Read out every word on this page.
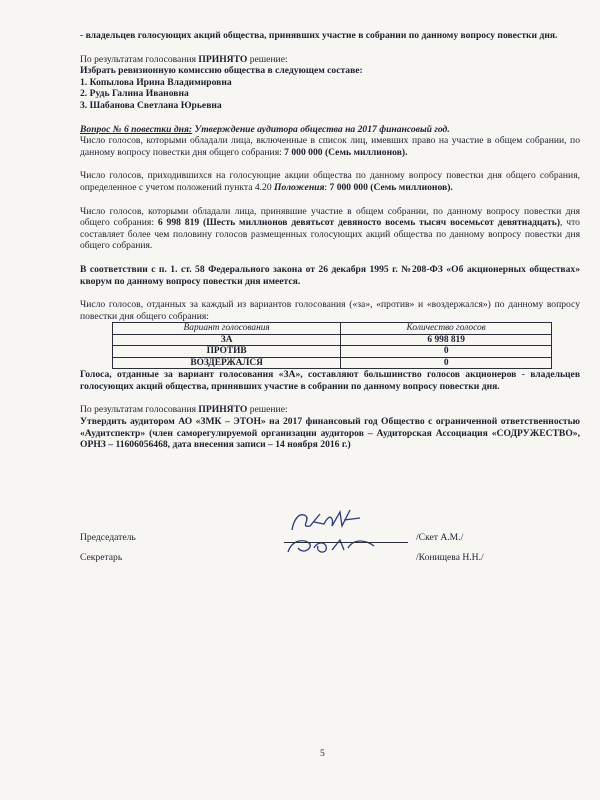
- владельцев голосующих акций общества, принявших участие в собрании по данному вопросу повестки дня.

По результатам голосования ПРИНЯТО решение:

Избрать ревизионную комиссию общества в следующем составе:

1. Копылова Ирина Владимировна
2. Рудь Галина Ивановна
3. Шабанова Светлана Юрьевна

Вопрос № 6 повестки дня: Утверждение аудитора общества на 2017 финансовый год.

Число голосов, которыми обладали лица, включенные в список лиц, имевших право на участие в общем собрании, по данному вопросу повестки дня общего собрания: 7 000 000 (Семь миллионов).

Число голосов, приходившихся на голосующие акции общества по данному вопросу повестки дня общего собрания, определенное с учетом положений пункта 4.20 Положения: 7 000 000 (Семь миллионов).

Число голосов, которыми обладали лица, принявшие участие в общем собрании, по данному вопросу повестки дня общего собрания: 6 998 819 (Шесть миллионов девятьсот девяносто восемь тысяч восемьсот девятнадцать), что составляет более чем половину голосов размещенных голосующих акций общества по данному вопросу повестки дня общего собрания.

В соответствии с п. 1. ст. 58 Федерального закона от 26 декабря 1995 г. №208-ФЗ «Об акционерных обществах» кворум по данному вопросу повестки дня имеется.

Число голосов, отданных за каждый из вариантов голосования («за», «против» и «воздержался») по данному вопросу повестки дня общего собрания:

Вариант голосования	Количество голосов
ЗА	6 998 819
ПРОТИВ	0
ВОЗДЕРЖАЛСЯ	0

Голоса, отданные за вариант голосования «ЗА», составляют большинство голосов акционеров - владельцев голосующих акций общества, принявших участие в собрании по данному вопросу повестки дня.

По результатам голосования ПРИНЯТО решение:

Утвердить аудитором АО «ЗМК – ЭТОН» на 2017 финансовый год Общество с ограниченной ответственностью «Аудитспектр» (член саморегулируемой организации аудиторов – Аудиторская Ассоциация «СОДРУЖЕСТВО», ОРНЗ – 11606056468, дата внесения записи – 14 ноября 2016 г.)

Председатель	/Скет А.М./
Секретарь	/Конищева Н.Н./
5
